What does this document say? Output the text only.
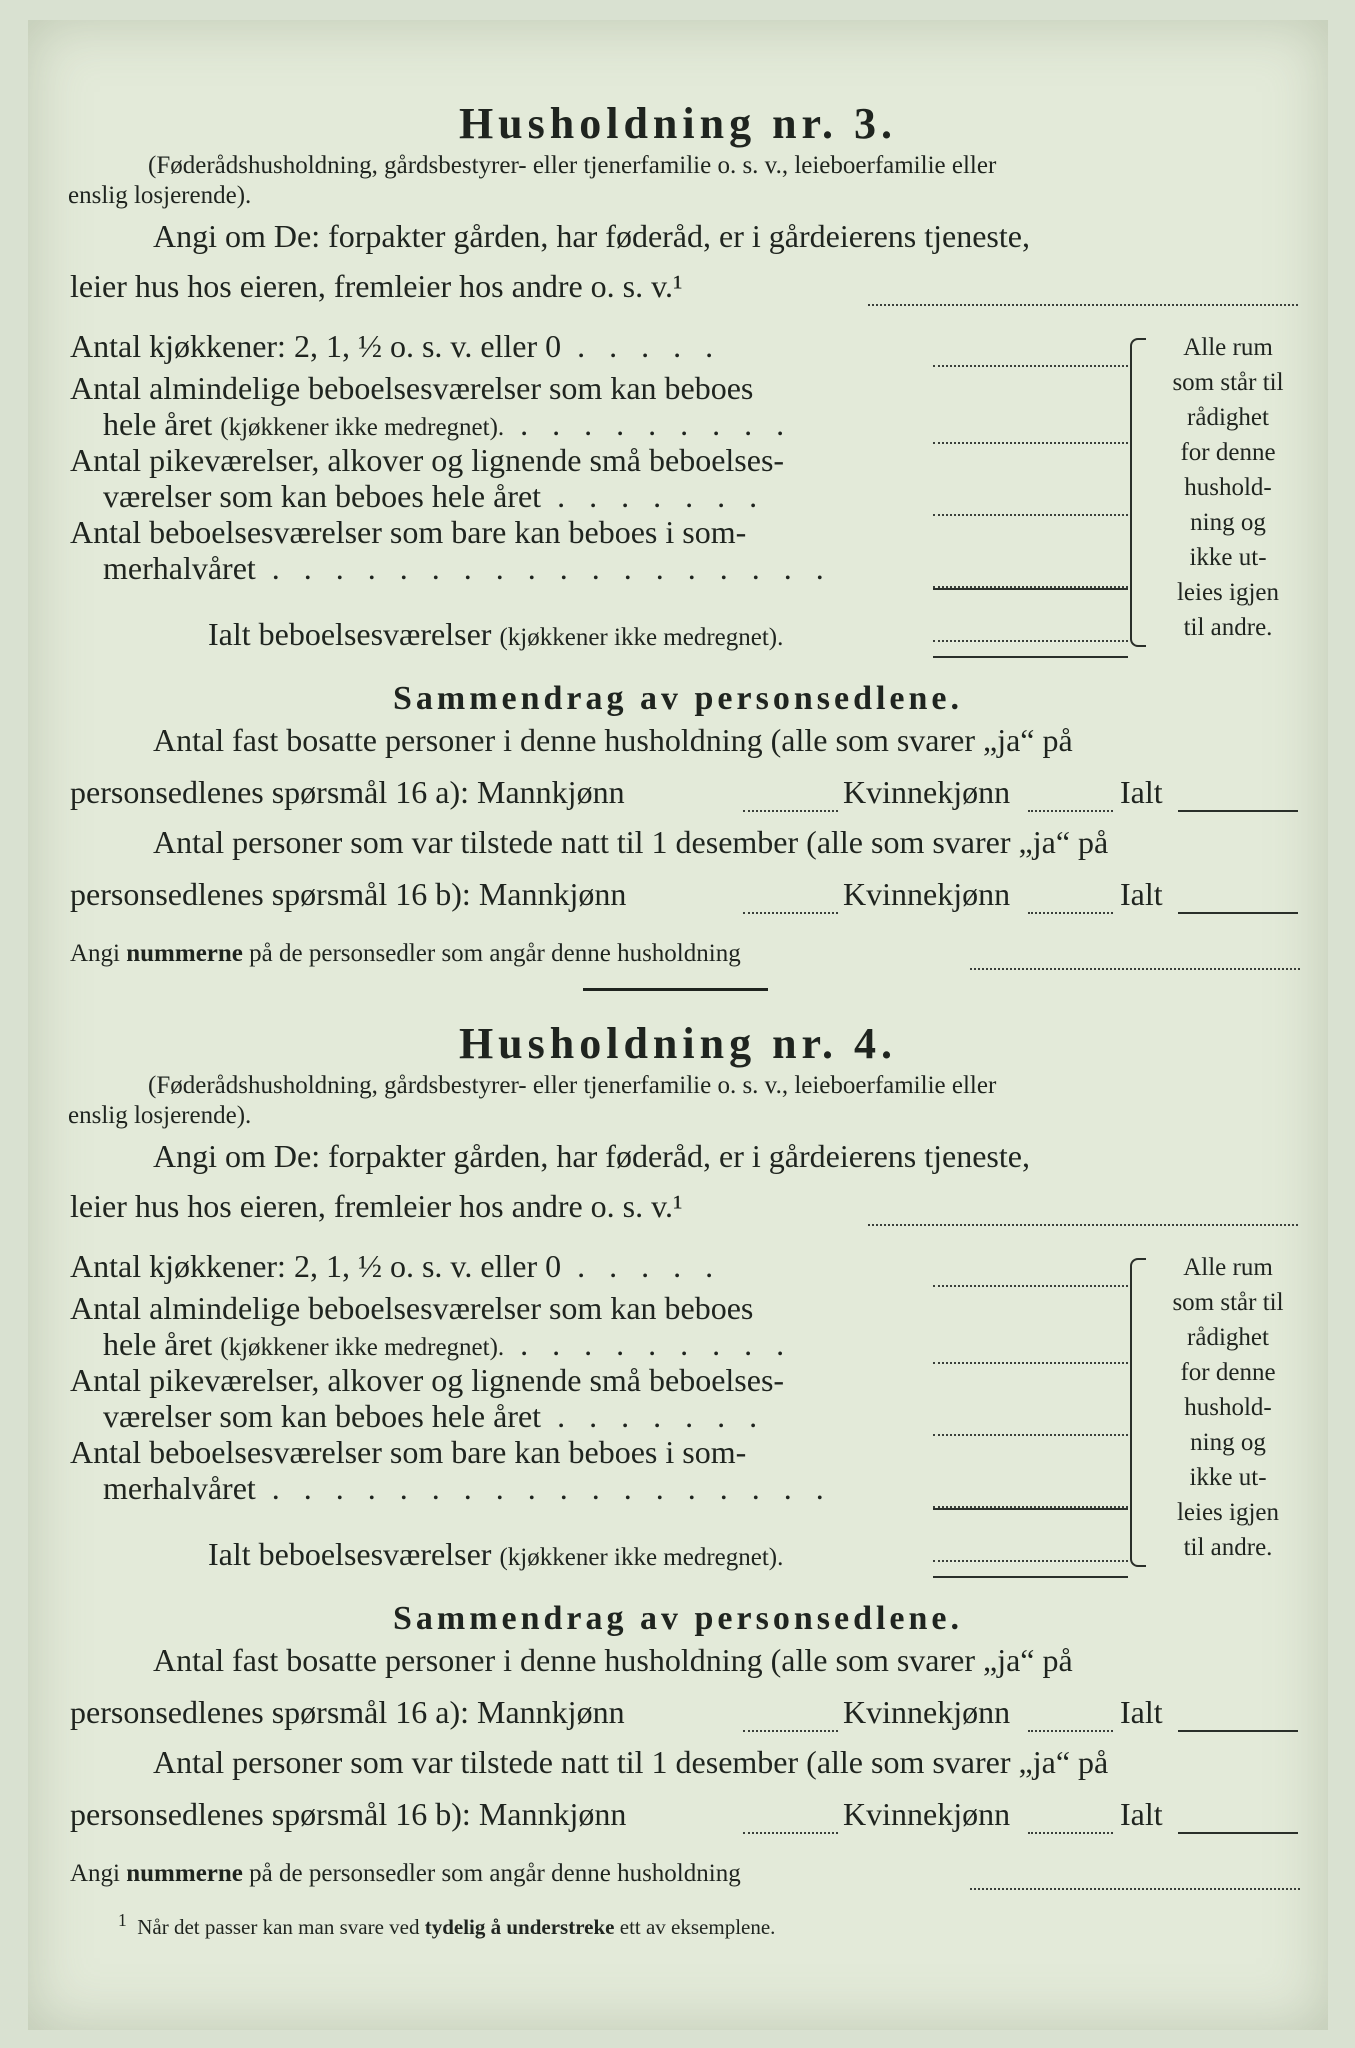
Husholdning nr. 3.
(Føderådshusholdning, gårdsbestyrer- eller tjenerfamilie o. s. v., leieboerfamilie eller
enslig losjerende).
Angi om De: forpakter gården, har føderåd, er i gårdeierens tjeneste,
leier hus hos eieren, fremleier hos andre o. s. v.¹
Antal kjøkkener: 2, 1, ½ o. s. v. eller 0 . . . . .
Antal almindelige beboelsesværelser som kan beboes
hele året (kjøkkener ikke medregnet). . . . . . . . . .
Antal pikeværelser, alkover og lignende små beboelses-
værelser som kan beboes hele året . . . . . . .
Antal beboelsesværelser som bare kan beboes i som-
merhalvåret . . . . . . . . . . . . . . . . . .
Ialt beboelsesværelser (kjøkkener ikke medregnet).
Alle rum
som står til
rådighet
for denne
hushold-
ning og
ikke ut-
leies igjen
til andre.
Sammendrag av personsedlene.
Antal fast bosatte personer i denne husholdning (alle som svarer „ja“ på
personsedlenes spørsmål 16 a): Mannkjønn	Kvinnekjønn	Ialt
Antal personer som var tilstede natt til 1 desember (alle som svarer „ja“ på
personsedlenes spørsmål 16 b): Mannkjønn	Kvinnekjønn	Ialt
Angi nummerne på de personsedler som angår denne husholdning
Husholdning nr. 4.
(Føderådshusholdning, gårdsbestyrer- eller tjenerfamilie o. s. v., leieboerfamilie eller
enslig losjerende).
Angi om De: forpakter gården, har føderåd, er i gårdeierens tjeneste,
leier hus hos eieren, fremleier hos andre o. s. v.¹
Antal kjøkkener: 2, 1, ½ o. s. v. eller 0 . . . . .
Antal almindelige beboelsesværelser som kan beboes
hele året (kjøkkener ikke medregnet). . . . . . . . . .
Antal pikeværelser, alkover og lignende små beboelses-
værelser som kan beboes hele året . . . . . . .
Antal beboelsesværelser som bare kan beboes i som-
merhalvåret . . . . . . . . . . . . . . . . . .
Ialt beboelsesværelser (kjøkkener ikke medregnet).
Alle rum
som står til
rådighet
for denne
hushold-
ning og
ikke ut-
leies igjen
til andre.
Sammendrag av personsedlene.
Antal fast bosatte personer i denne husholdning (alle som svarer „ja“ på
personsedlenes spørsmål 16 a): Mannkjønn	Kvinnekjønn	Ialt
Antal personer som var tilstede natt til 1 desember (alle som svarer „ja“ på
personsedlenes spørsmål 16 b): Mannkjønn	Kvinnekjønn	Ialt
Angi nummerne på de personsedler som angår denne husholdning
$^1$ Når det passer kan man svare ved tydelig å understreke ett av eksemplene.
